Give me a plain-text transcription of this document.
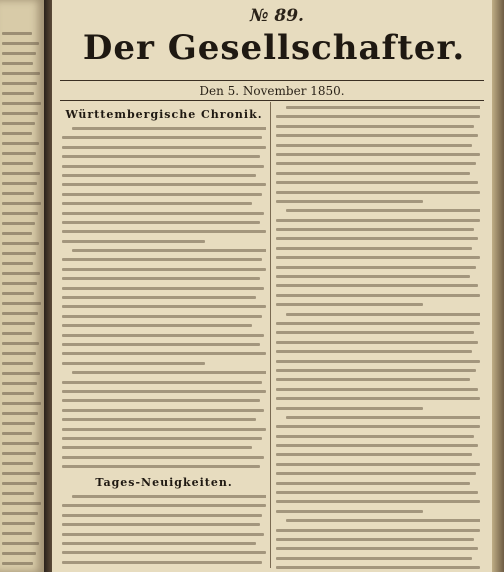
№ 89.
Der Gesellschafter.
Den 5. November 1850.
Württembergische Chronik.
Tages-Neuigkeiten.
